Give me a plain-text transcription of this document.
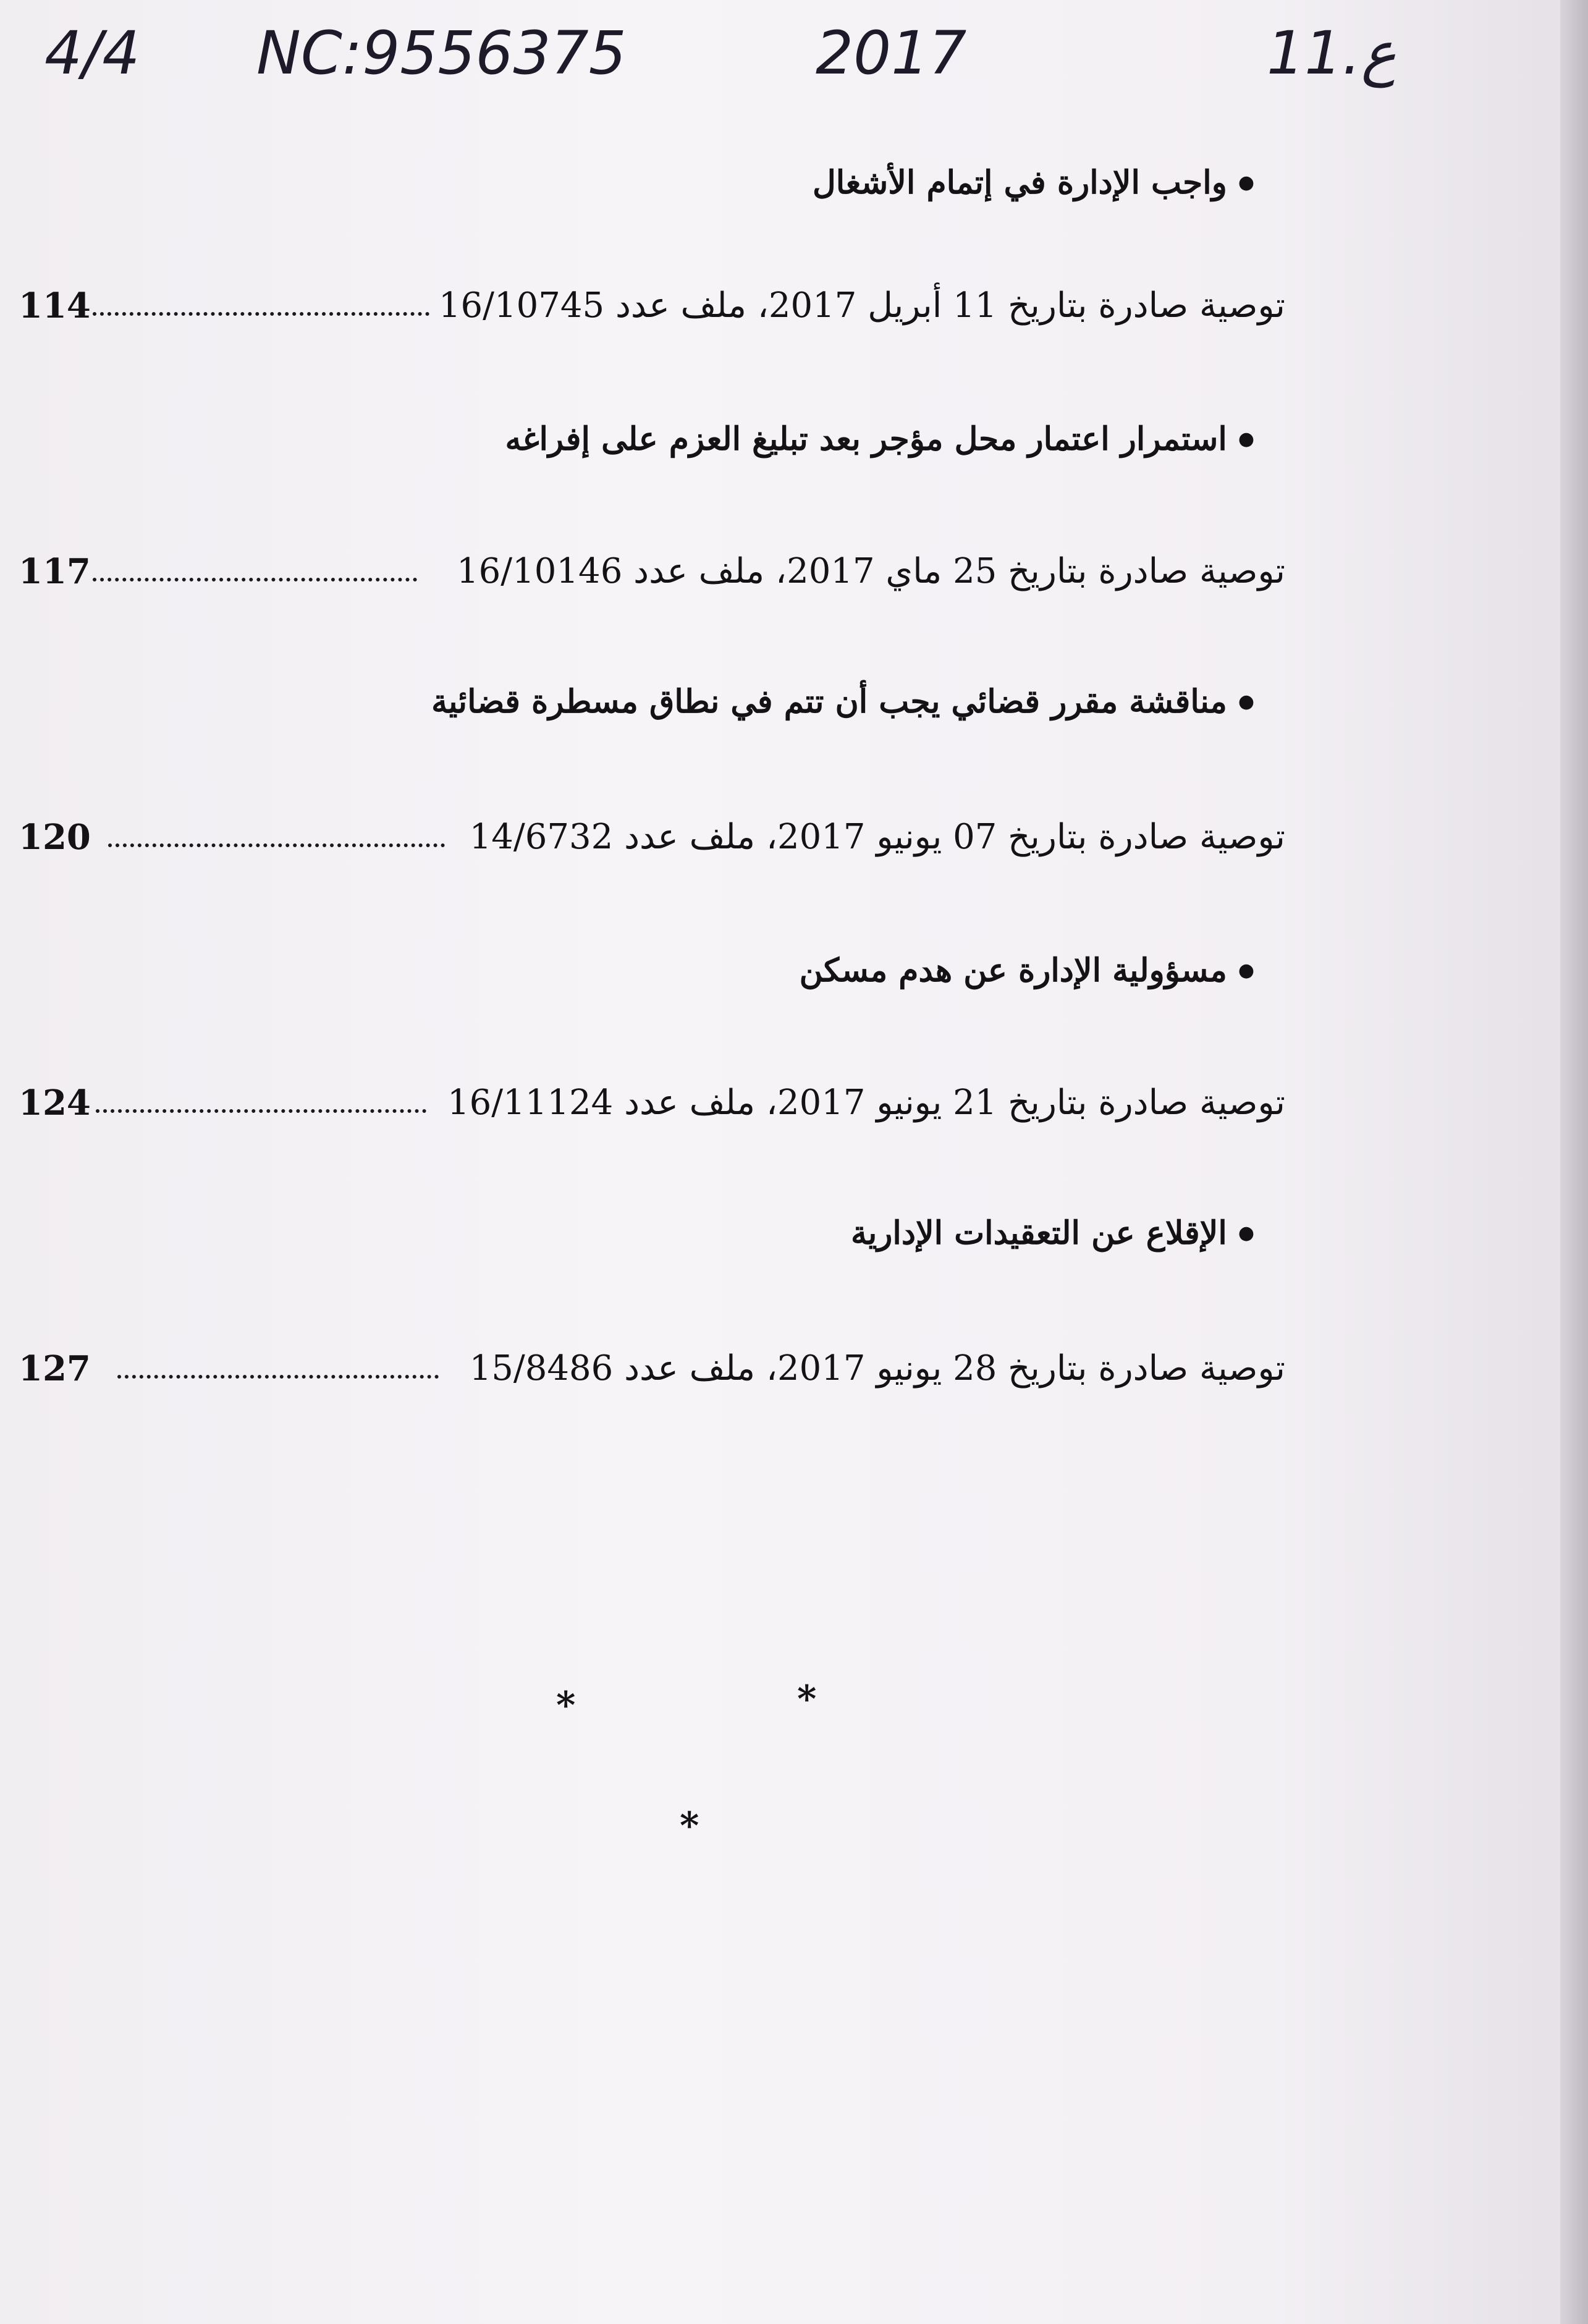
4/4 NC:9556375	2017	11.ع
●
واجب الإدارة في إتمام الأشغال
114	توصية صادرة بتاريخ 11 أبريل 2017، ملف عدد 16/10745
●
استمرار اعتمار محل مؤجر بعد تبليغ العزم على إفراغه
117	توصية صادرة بتاريخ 25 ماي 2017، ملف عدد 16/10146
●
مناقشة مقرر قضائي يجب أن تتم في نطاق مسطرة قضائية
120	توصية صادرة بتاريخ 07 يونيو 2017، ملف عدد 14/6732
●
مسؤولية الإدارة عن هدم مسكن
124	توصية صادرة بتاريخ 21 يونيو 2017، ملف عدد 16/11124
●
الإقلاع عن التعقيدات الإدارية
127	توصية صادرة بتاريخ 28 يونيو 2017، ملف عدد 15/8486
*	*
*
